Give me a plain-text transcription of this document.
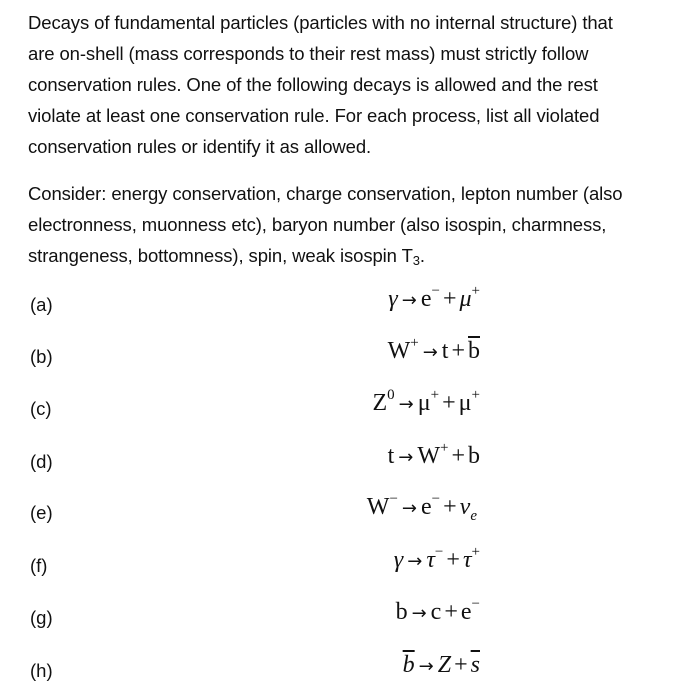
Decays of fundamental particles (particles with no internal structure) that
are on-shell (mass corresponds to their rest mass) must strictly follow
conservation rules. One of the following decays is allowed and the rest
violate at least one conservation rule. For each process, list all violated
conservation rules or identify it as allowed.
Consider: energy conservation, charge conservation, lepton number (also
electronness, muonness etc), baryon number (also isospin, charmness,
strangeness, bottomness), spin, weak isospin T3.
(a)	γ → e− + μ+
(b)	$W^+ \to t + \overline{b}$
(c)	$Z^0 \to \mu^+ + \mu^+$
(d)	t → W+ + b
(e)	$W^- \to e^- + \nu_e$
(f)	γ → τ− + τ+
(g)	b → c + e−
(h)	$\overline{b} \to Z + \overline{s}$
